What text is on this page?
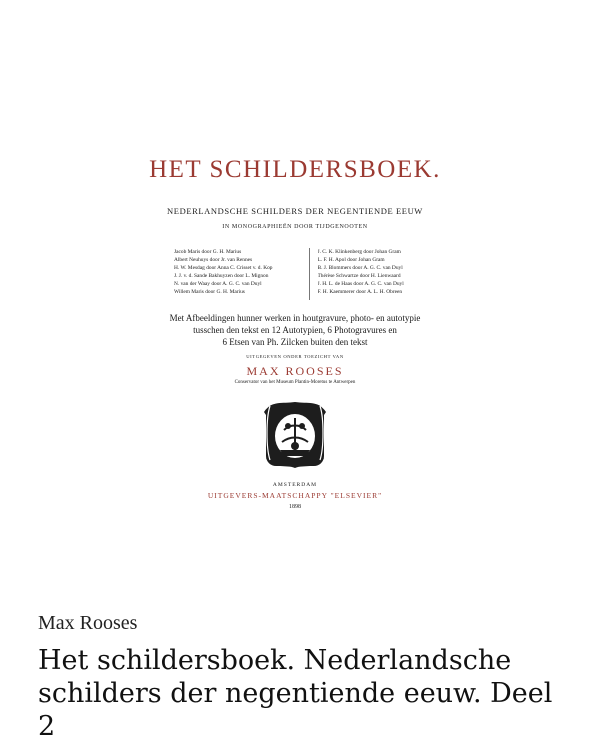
HET SCHILDERSBOEK.
NEDERLANDSCHE SCHILDERS DER NEGENTIENDE EEUW
IN MONOGRAPHIEËN DOOR TIJDGENOOTEN
Jacob Maris door G. H. Marius
Albert Neuhuys door Jr. van Rennes
H. W. Mesdag door Anna C. Crisset v. d. Kop
J. J. v. d. Sande Bakhuyzen door L. Mignon
N. van der Waay door A. G. C. van Duyl
Willem Maris door G. H. Marius
J. C. K. Klinkenberg door Johan Gram
L. F. H. Apol door Johan Gram
B. J. Blommers door A. G. C. van Duyl
Thérèse Schwartze door H. Lienwaard
J. H. L. de Haas door A. G. C. van Duyl
F. H. Kaemmerer door A. L. H. Obreen
Met Afbeeldingen hunner werken in houtgravure, photo- en autotypie
tusschen den tekst en 12 Autotypien, 6 Photogravures en
6 Etsen van Ph. Zilcken buiten den tekst
UITGEGEVEN ONDER TOEZICHT VAN
MAX ROOSES
Conservator van het Museum Plantin-Moretus te Antwerpen
AMSTERDAM
UITGEVERS-MAATSCHAPPY "ELSEVIER"
1898
Max Rooses
Het schildersboek. Nederlandsche schilders der negentiende eeuw. Deel 2
